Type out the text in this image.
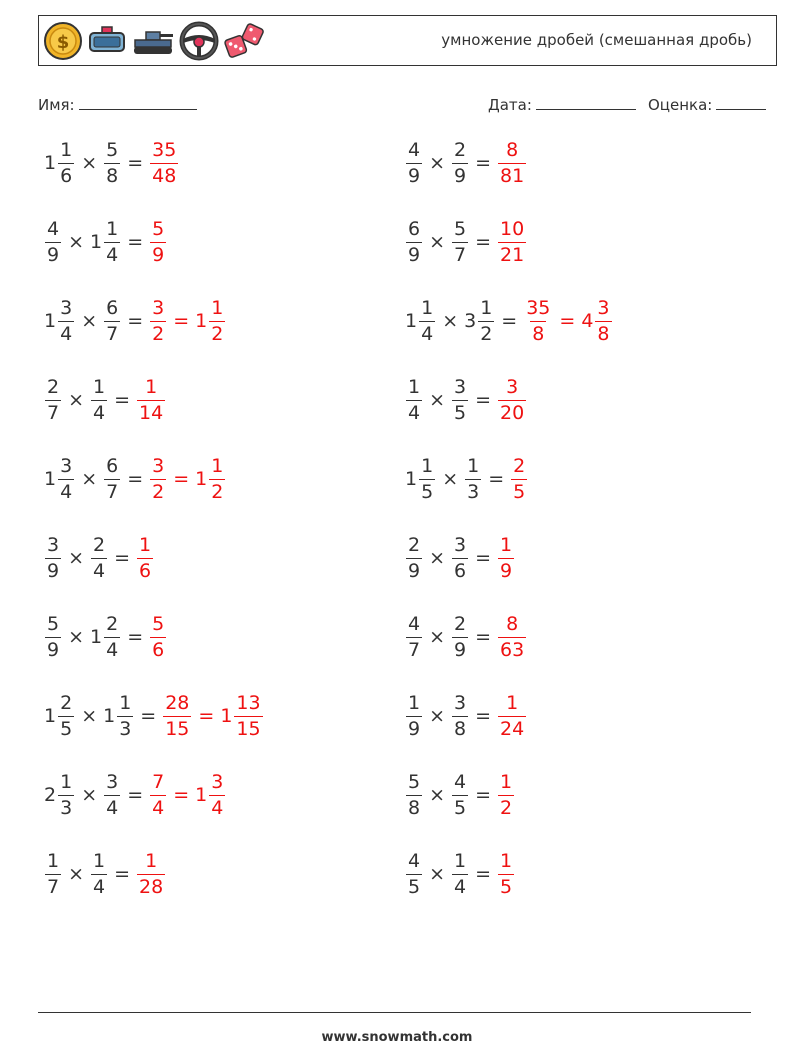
$	умножение дробей (смешанная дробь)
Имя:	Дата:	Оценка:
$1 \frac{1}{6} \times \frac{5}{8} = \frac{35}{48}$	$\frac{4}{9} \times \frac{2}{9} = \frac{8}{81}$
$\frac{4}{9} \times 1 \frac{1}{4} = \frac{5}{9}$	$\frac{6}{9} \times \frac{5}{7} = \frac{10}{21}$
$1 \frac{3}{4} \times \frac{6}{7} = \frac{3}{2} = 1 \frac{1}{2}$	$1 \frac{1}{4} \times 3 \frac{1}{2} = \frac{35}{8} = 4 \frac{3}{8}$
$\frac{2}{7} \times \frac{1}{4} = \frac{1}{14}$	$\frac{1}{4} \times \frac{3}{5} = \frac{3}{20}$
$1 \frac{3}{4} \times \frac{6}{7} = \frac{3}{2} = 1 \frac{1}{2}$	$1 \frac{1}{5} \times \frac{1}{3} = \frac{2}{5}$
$\frac{3}{9} \times \frac{2}{4} = \frac{1}{6}$	$\frac{2}{9} \times \frac{3}{6} = \frac{1}{9}$
$\frac{5}{9} \times 1 \frac{2}{4} = \frac{5}{6}$	$\frac{4}{7} \times \frac{2}{9} = \frac{8}{63}$
$1 \frac{2}{5} \times 1 \frac{1}{3} = \frac{28}{15} = 1 \frac{13}{15}$	$\frac{1}{9} \times \frac{3}{8} = \frac{1}{24}$
$2 \frac{1}{3} \times \frac{3}{4} = \frac{7}{4} = 1 \frac{3}{4}$	$\frac{5}{8} \times \frac{4}{5} = \frac{1}{2}$
$\frac{1}{7} \times \frac{1}{4} = \frac{1}{28}$	$\frac{4}{5} \times \frac{1}{4} = \frac{1}{5}$
www.snowmath.com
